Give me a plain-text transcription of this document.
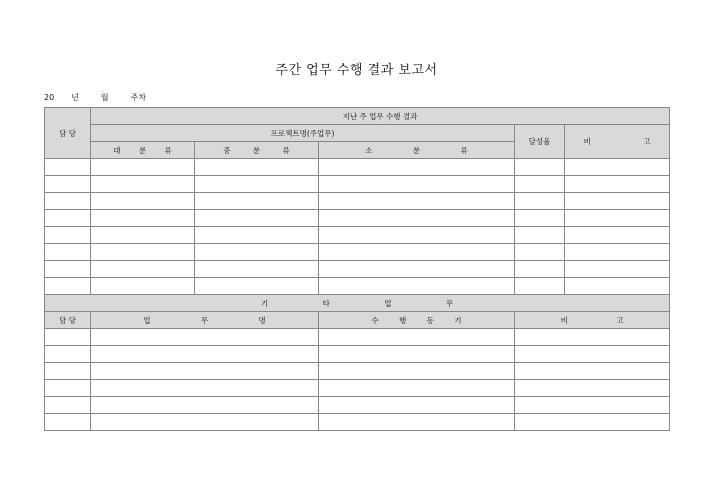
주간 업무 수행 결과 보고서
20 년	월	주차
담 당	지난 주 업무 수행 결과				
	프로젝트명(주업무)			달성율	비 고
	대 분 류	중 분 류	소 분 류		

기 타 업 무					
담 당	업 무 명		수 행 동 기	비 고	
